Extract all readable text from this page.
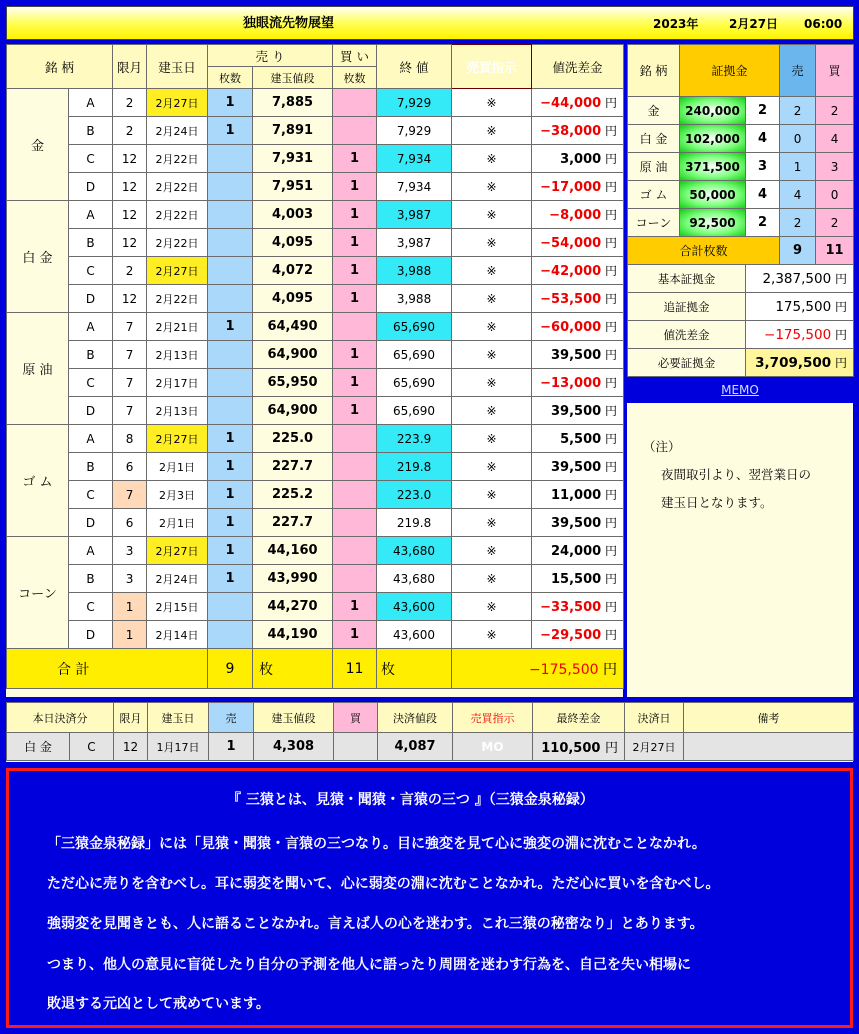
独眼流先物展望	2023年	2月27日 06:00
銘 柄		限月	建玉日	売 り		買 い	終 値	売買指示	値洗差金
				枚数	建玉値段	枚数			
金	A	2	2月27日	1	7,885		7,929	※	−44,000 円
	B	2	2月24日	1	7,891		7,929	※	−38,000 円
	C	12	2月22日		7,931	1	7,934	※	3,000 円
	D	12	2月22日		7,951	1	7,934	※	−17,000 円
白 金	A	12	2月22日		4,003	1	3,987	※	−8,000 円
	B	12	2月22日		4,095	1	3,987	※	−54,000 円
	C	2	2月27日		4,072	1	3,988	※	−42,000 円
	D	12	2月22日		4,095	1	3,988	※	−53,500 円
原 油	A	7	2月21日	1	64,490		65,690	※	−60,000 円
	B	7	2月13日		64,900	1	65,690	※	39,500 円
	C	7	2月17日		65,950	1	65,690	※	−13,000 円
	D	7	2月13日		64,900	1	65,690	※	39,500 円
ゴ ム	A	8	2月27日	1	225.0		223.9	※	5,500 円
	B	6	2月1日	1	227.7		219.8	※	39,500 円
	C	7	2月3日	1	225.2		223.0	※	11,000 円
	D	6	2月1日	1	227.7		219.8	※	39,500 円
コーン	A	3	2月27日	1	44,160		43,680	※	24,000 円
	B	3	2月24日	1	43,990		43,680	※	15,500 円
	C	1	2月15日		44,270	1	43,600	※	−33,500 円
	D	1	2月14日		44,190	1	43,600	※	−29,500 円
合 計				9	枚	11	枚	−175,500 円	
銘 柄	証拠金		売	買
金	240,000	2	2	2
白 金	102,000	4	0	4
原 油	371,500	3	1	3
ゴ ム	50,000	4	4	0
コーン	92,500	2	2	2
合計枚数			9	11
基本証拠金		2,387,500 円		
追証拠金		175,500 円		
値洗差金		−175,500 円		
必要証拠金		3,709,500 円		
MEMO
（注）
夜間取引より、翌営業日の
建玉日となります。
本日決済分		限月	建玉日	売	建玉値段	買	決済値段	売買指示	最終差金	決済日	備考
白 金	C	12	1月17日	1	4,308		4,087	MO	110,500 円	2月27日	

『 三猿とは、見猿・聞猿・言猿の三つ 』（三猿金泉秘録）

「三猿金泉秘録」には「見猿・聞猿・言猿の三つなり。目に強変を見て心に強変の淵に沈むことなかれ。

ただ心に売りを含むべし。耳に弱変を聞いて、心に弱変の淵に沈むことなかれ。ただ心に買いを含むべし。

強弱変を見聞きとも、人に語ることなかれ。言えば人の心を迷わす。これ三猿の秘密なり」とあります。

つまり、他人の意見に盲従したり自分の予測を他人に語ったり周囲を迷わす行為を、自己を失い相場に

敗退する元凶として戒めています。
